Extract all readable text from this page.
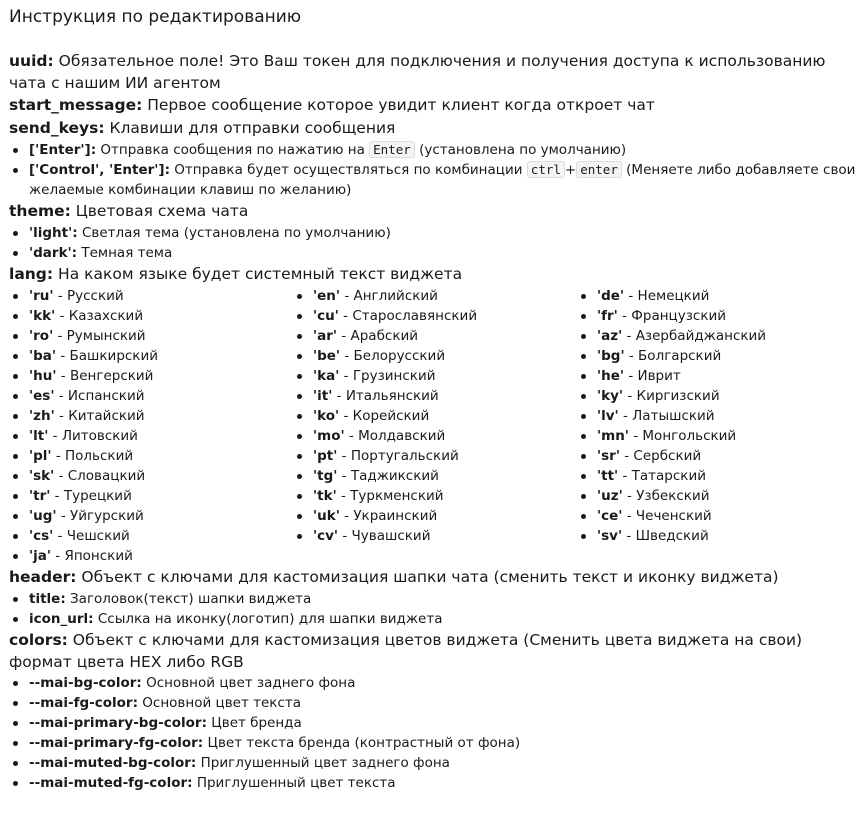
Инструкция по редактированию

uuid: Обязательное поле! Это Ваш токен для подключения и получения доступа к использованию чата с нашим ИИ агентом

start_message: Первое сообщение которое увидит клиент когда откроет чат

send_keys: Клавиши для отправки сообщения

['Enter']: Отправка сообщения по нажатию на Enter (установлена по умолчанию)
['Control', 'Enter']: Отправка будет осуществляться по комбинации ctrl + enter (Меняете либо добавляете свои желаемые комбинации клавиш по желанию)

theme: Цветовая схема чата

'light': Светлая тема (установлена по умолчанию)
'dark': Темная тема

lang: На каком языке будет системный текст виджета

'ru' - Русский
'kk' - Казахский
'ro' - Румынский
'ba' - Башкирский
'hu' - Венгерский
'es' - Испанский
'zh' - Китайский
'lt' - Литовский
'pl' - Польский
'sk' - Словацкий
'tr' - Турецкий
'ug' - Уйгурский
'cs' - Чешский
'ja' - Японский
'en' - Английский
'cu' - Старославянский
'ar' - Арабский
'be' - Белорусский
'ka' - Грузинский
'it' - Итальянский
'ko' - Корейский
'mo' - Молдавский
'pt' - Португальский
'tg' - Таджикский
'tk' - Туркменский
'uk' - Украинский
'cv' - Чувашский
'de' - Немецкий
'fr' - Французский
'az' - Азербайджанский
'bg' - Болгарский
'he' - Иврит
'ky' - Киргизский
'lv' - Латышский
'mn' - Монгольский
'sr' - Сербский
'tt' - Татарский
'uz' - Узбекский
'ce' - Чеченский
'sv' - Шведский

header: Объект с ключами для кастомизация шапки чата (сменить текст и иконку виджета)

title: Заголовок(текст) шапки виджета
icon_url: Ссылка на иконку(логотип) для шапки виджета

colors: Объект с ключами для кастомизация цветов виджета (Сменить цвета виджета на свои) формат цвета HEX либо RGB

--mai-bg-color: Основной цвет заднего фона
--mai-fg-color: Основной цвет текста
--mai-primary-bg-color: Цвет бренда
--mai-primary-fg-color: Цвет текста бренда (контрастный от фона)
--mai-muted-bg-color: Приглушенный цвет заднего фона
--mai-muted-fg-color: Приглушенный цвет текста
